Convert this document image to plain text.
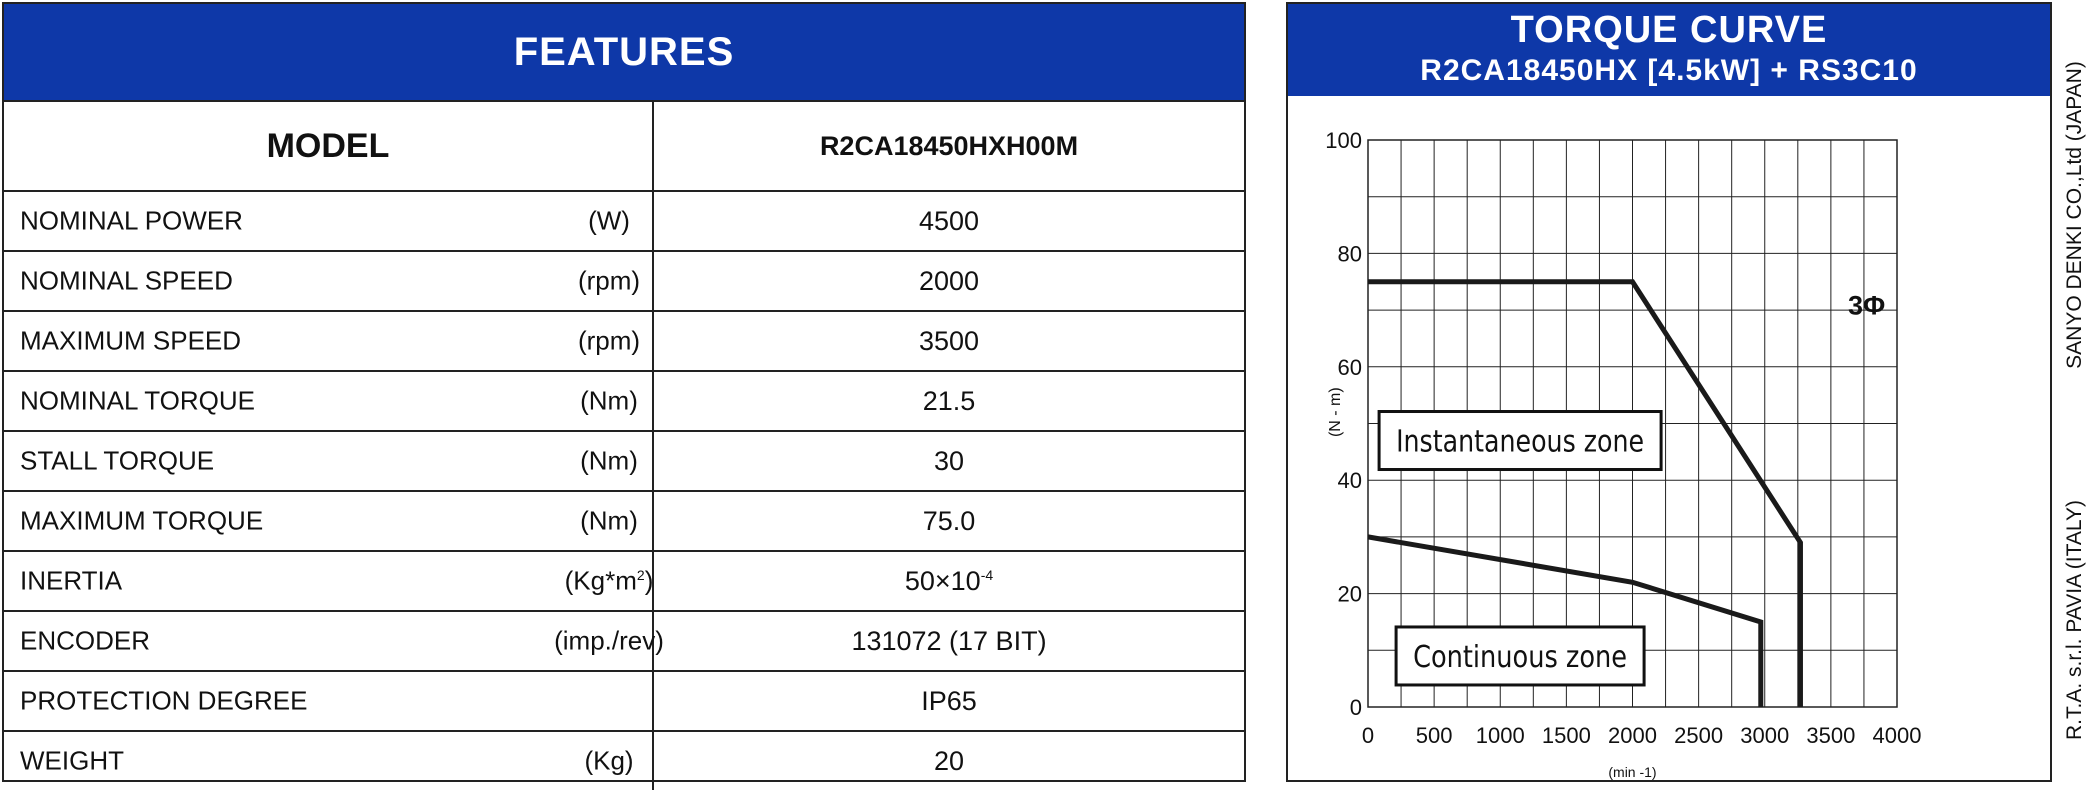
FEATURES
MODEL	R2CA18450HXH00M

NOMINAL POWER (W)	4500

NOMINAL SPEED (rpm)	2000

MAXIMUM SPEED (rpm)	3500

NOMINAL TORQUE (Nm)	21.5

STALL TORQUE (Nm)	30

MAXIMUM TORQUE (Nm)	75.0

INERTIA $(Kg*m^2)$	$50\times 10^{-4}$

ENCODER (imp./rev)	131072 (17 BIT)

PROTECTION DEGREE	IP65

WEIGHT (Kg)	20
TORQUE CURVE
R2CA18450HX [4.5kW] + RS3C10
0
20
40
60
80
100
0 500 1000 1500 2000 2500 3000 3500 4000
(min -1)
(N - m)
Instantaneous zone
Continuous zone
3Φ	SANYO DENKI CO.,Ltd (JAPAN)
R.T.A. s.r.l. PAVIA (ITALY)
